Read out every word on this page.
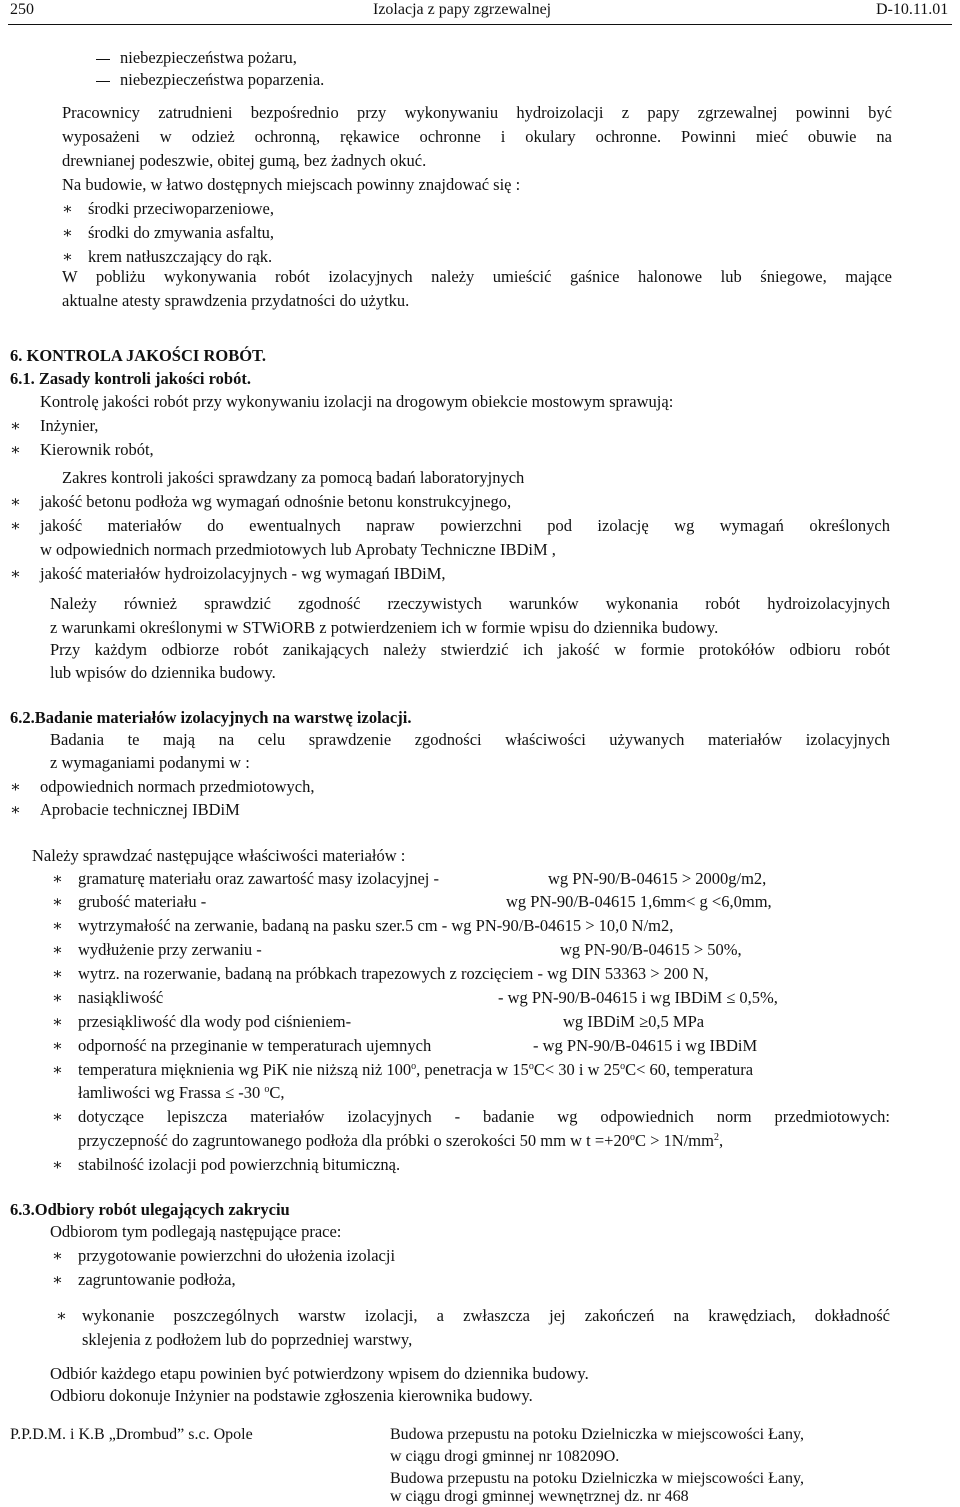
250	Izolacja z papy zgrzewalnej	D-10.11.01
niebezpieczeństwa pożaru,
niebezpieczeństwa poparzenia.
Pracownicy zatrudnieni bezpośrednio przy wykonywaniu hydroizolacji z papy zgrzewalnej powinni być
wyposażeni w odzież ochronną, rękawice ochronne i okulary ochronne. Powinni mieć obuwie na
drewnianej podeszwie, obitej gumą, bez żadnych okuć.
Na budowie, w łatwo dostępnych miejscach powinny znajdować się :
∗ środki przeciwoparzeniowe,
∗ środki do zmywania asfaltu,
∗ krem natłuszczający do rąk.
W pobliżu wykonywania robót izolacyjnych należy umieścić gaśnice halonowe lub śniegowe, mające
aktualne atesty sprawdzenia przydatności do użytku.
6. KONTROLA JAKOŚCI ROBÓT.
6.1. Zasady kontroli jakości robót.
Kontrolę jakości robót przy wykonywaniu izolacji na drogowym obiekcie mostowym sprawują:
∗ Inżynier,
∗ Kierownik robót,
Zakres kontroli jakości sprawdzany za pomocą badań laboratoryjnych
∗ jakość betonu podłoża wg wymagań odnośnie betonu konstrukcyjnego,
∗ jakość materiałów do ewentualnych napraw powierzchni pod izolację wg wymagań określonych
w odpowiednich normach przedmiotowych lub Aprobaty Techniczne IBDiM ,
∗ jakość materiałów hydroizolacyjnych - wg wymagań IBDiM,
Należy również sprawdzić zgodność rzeczywistych warunków wykonania robót hydroizolacyjnych
z warunkami określonymi w STWiORB z potwierdzeniem ich w formie wpisu do dziennika budowy.
Przy każdym odbiorze robót zanikających należy stwierdzić ich jakość w formie protokółów odbioru robót
lub wpisów do dziennika budowy.
6.2.Badanie materiałów izolacyjnych na warstwę izolacji.
Badania te mają na celu sprawdzenie zgodności właściwości używanych materiałów izolacyjnych
z wymaganiami podanymi w :
∗ odpowiednich normach przedmiotowych,
∗ Aprobacie technicznej IBDiM
Należy sprawdzać następujące właściwości materiałów :
∗ gramaturę materiału oraz zawartość masy izolacyjnej -	wg PN-90/B-04615 > 2000g/m2,
∗ grubość materiału -	wg PN-90/B-04615 1,6mm< g <6,0mm,
∗ wytrzymałość na zerwanie, badaną na pasku szer.5 cm - wg PN-90/B-04615 > 10,0 N/m2,
∗ wydłużenie przy zerwaniu -	wg PN-90/B-04615 > 50%,
∗ wytrz. na rozerwanie, badaną na próbkach trapezowych z rozcięciem - wg DIN 53363 > 200 N,
∗ nasiąkliwość	- wg PN-90/B-04615 i wg IBDiM ≤ 0,5%,
∗ przesiąkliwość dla wody pod ciśnieniem-	wg IBDiM ≥0,5 MPa
∗ odporność na przeginanie w temperaturach ujemnych	- wg PN-90/B-04615 i wg IBDiM
∗ temperatura mięknienia wg PiK nie niższą niż 100$^o$, penetracja w $15^oC< 30$ i w $25^oC< 60$, temperatura
łamliwości wg Frassa ≤ -30 $^o$C,
∗ dotyczące lepiszcza materiałów izolacyjnych - badanie wg odpowiednich norm przedmiotowych:
przyczepność do zagruntowanego podłoża dla próbki o szerokości 50 mm w $t =+20^oC > 1N/mm^2$,
∗ stabilność izolacji pod powierzchnią bitumiczną.
6.3.Odbiory robót ulegających zakryciu
Odbiorom tym podlegają następujące prace:
∗ przygotowanie powierzchni do ułożenia izolacji
∗ zagruntowanie podłoża,
∗ wykonanie poszczególnych warstw izolacji, a zwłaszcza jej zakończeń na krawędziach, dokładność
sklejenia z podłożem lub do poprzedniej warstwy,
Odbiór każdego etapu powinien być potwierdzony wpisem do dziennika budowy.
Odbioru dokonuje Inżynier na podstawie zgłoszenia kierownika budowy.
P.P.D.M. i K.B „Drombud” s.c. Opole	Budowa przepustu na potoku Dzielniczka w miejscowości Łany,
w ciągu drogi gminnej nr 108209O.
Budowa przepustu na potoku Dzielniczka w miejscowości Łany,
w ciągu drogi gminnej wewnętrznej dz. nr 468
